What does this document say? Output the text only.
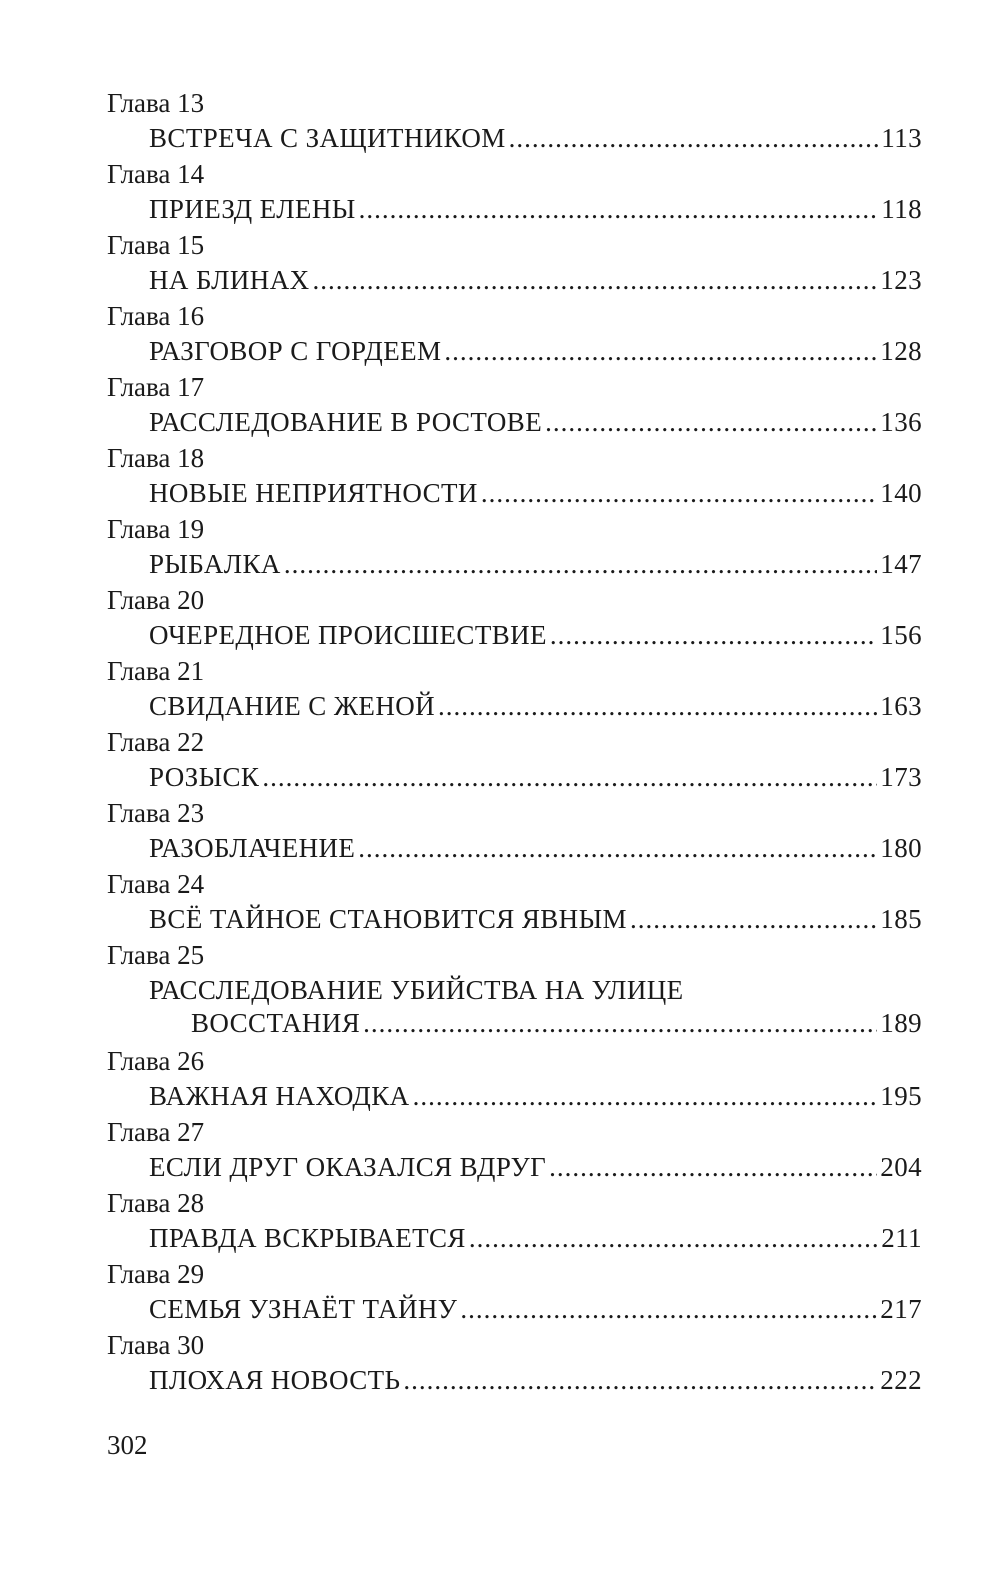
Глава 13
ВСТРЕЧА С ЗАЩИТНИКОМ .....	113
Глава 14
ПРИЕЗД ЕЛЕНЫ .....	118
Глава 15
НА БЛИНАХ .....	123
Глава 16
РАЗГОВОР С ГОРДЕЕМ .....	128
Глава 17
РАССЛЕДОВАНИЕ В РОСТОВЕ .....	136
Глава 18
НОВЫЕ НЕПРИЯТНОСТИ .....	140
Глава 19
РЫБАЛКА .....	147
Глава 20
ОЧЕРЕДНОЕ ПРОИСШЕСТВИЕ .....	156
Глава 21
СВИДАНИЕ С ЖЕНОЙ .....	163
Глава 22
РОЗЫСК .....	173
Глава 23
РАЗОБЛАЧЕНИЕ .....	180
Глава 24
ВСЁ ТАЙНОЕ СТАНОВИТСЯ ЯВНЫМ .....	185
Глава 25
РАССЛЕДОВАНИЕ УБИЙСТВА НА УЛИЦЕ
ВОССТАНИЯ .....	189
Глава 26
ВАЖНАЯ НАХОДКА .....	195
Глава 27
ЕСЛИ ДРУГ ОКАЗАЛСЯ ВДРУГ .....	204
Глава 28
ПРАВДА ВСКРЫВАЕТСЯ .....	211
Глава 29
СЕМЬЯ УЗНАЁТ ТАЙНУ .....	217
Глава 30
ПЛОХАЯ НОВОСТЬ .....	222
302
